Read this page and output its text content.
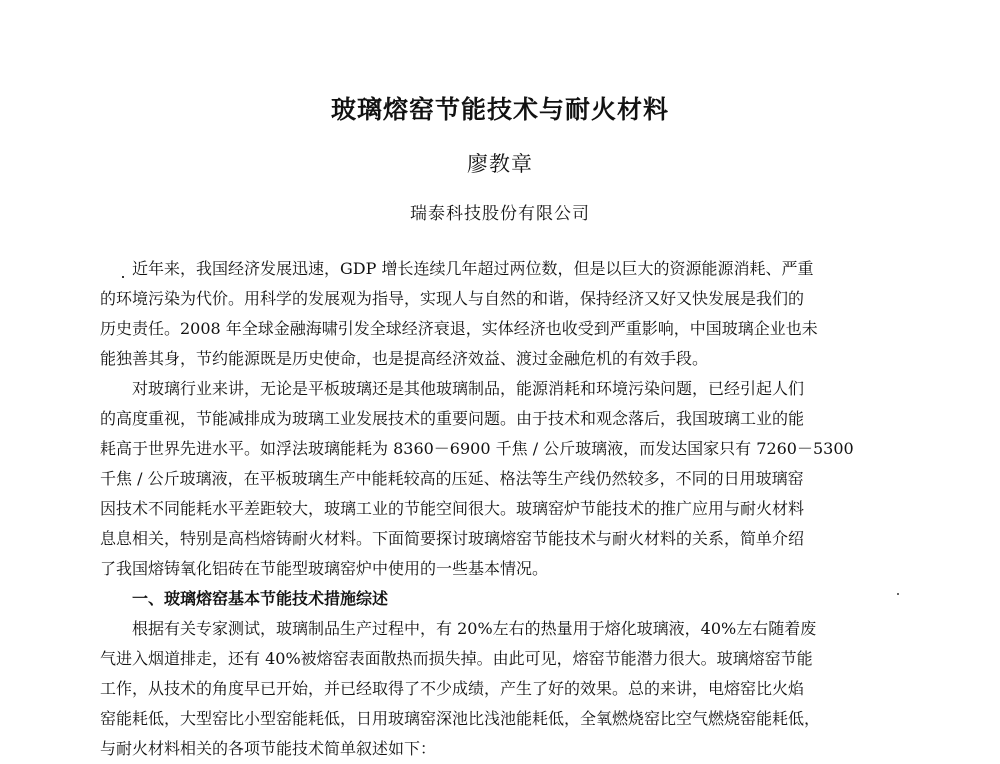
玻璃熔窑节能技术与耐火材料
廖教章
瑞泰科技股份有限公司
近年来，我国经济发展迅速，GDP 增长连续几年超过两位数，但是以巨大的资源能源消耗、严重
的环境污染为代价。用科学的发展观为指导，实现人与自然的和谐，保持经济又好又快发展是我们的
历史责任。2008 年全球金融海啸引发全球经济衰退，实体经济也收受到严重影响，中国玻璃企业也未
能独善其身，节约能源既是历史使命，也是提高经济效益、渡过金融危机的有效手段。
对玻璃行业来讲，无论是平板玻璃还是其他玻璃制品，能源消耗和环境污染问题，已经引起人们
的高度重视，节能减排成为玻璃工业发展技术的重要问题。由于技术和观念落后，我国玻璃工业的能
耗高于世界先进水平。如浮法玻璃能耗为 8360－6900 千焦 / 公斤玻璃液，而发达国家只有 7260－5300
千焦 / 公斤玻璃液，在平板玻璃生产中能耗较高的压延、格法等生产线仍然较多，不同的日用玻璃窑
因技术不同能耗水平差距较大，玻璃工业的节能空间很大。玻璃窑炉节能技术的推广应用与耐火材料
息息相关，特别是高档熔铸耐火材料。下面简要探讨玻璃熔窑节能技术与耐火材料的关系，简单介绍
了我国熔铸氧化铝砖在节能型玻璃窑炉中使用的一些基本情况。
一、玻璃熔窑基本节能技术措施综述
根据有关专家测试，玻璃制品生产过程中，有 20%左右的热量用于熔化玻璃液，40%左右随着废
气进入烟道排走，还有 40%被熔窑表面散热而损失掉。由此可见，熔窑节能潜力很大。玻璃熔窑节能
工作，从技术的角度早已开始，并已经取得了不少成绩，产生了好的效果。总的来讲，电熔窑比火焰
窑能耗低，大型窑比小型窑能耗低，日用玻璃窑深池比浅池能耗低，全氧燃烧窑比空气燃烧窑能耗低，
与耐火材料相关的各项节能技术简单叙述如下：
